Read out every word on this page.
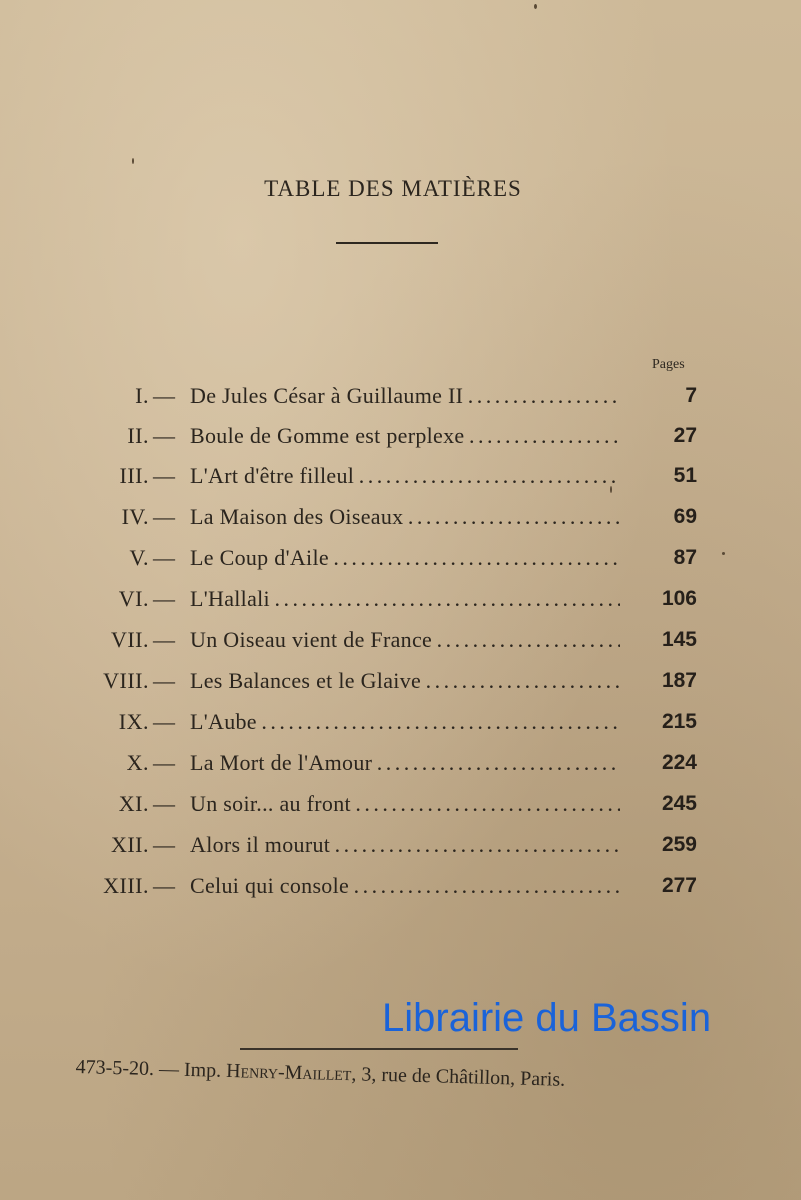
TABLE DES MATIÈRES
Pages
I. — De Jules César à Guillaume II . . .	7
II. — Boule de Gomme est perplexe . . .	27
III. — L'Art d'être filleul . . .	51
IV. — La Maison des Oiseaux . . .	69
V. — Le Coup d'Aile . . .	87
VI. — L'Hallali . . .	106
VII. — Un Oiseau vient de France . . .	145
VIII. — Les Balances et le Glaive . . .	187
IX. — L'Aube . . .	215
X. — La Mort de l'Amour . . .	224
XI. — Un soir... au front . . .	245
XII. — Alors il mourut . . .	259
XIII. — Celui qui console . . .	277
Librairie du Bassin
473-5-20. — Imp. Henry-Maillet, 3, rue de Châtillon, Paris.
